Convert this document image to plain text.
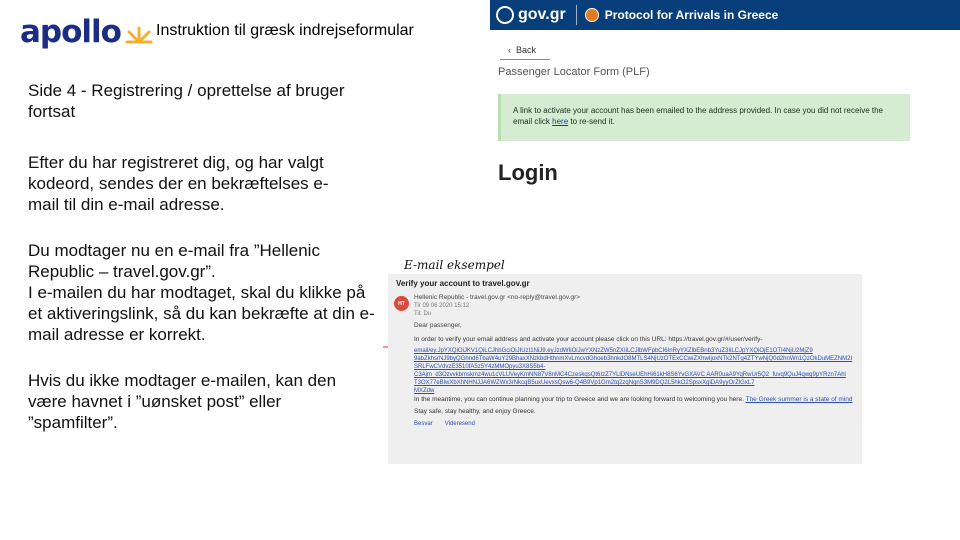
apollo Instruktion til græsk indrejseformular
Side 4 - Registrering / oprettelse af bruger fortsat
Efter du har registreret dig, og har valgt kodeord, sendes der en bekræftelses e-mail til din e-mail adresse.
Du modtager nu en e-mail fra ”Hellenic Republic – travel.gov.gr”.
I e-mailen du har modtaget, skal du klikke på et aktiveringslink, så du kan bekræfte at din e-mail adresse er korrekt.
Hvis du ikke modtager e-mailen, kan den være havnet i ”uønsket post” eller ”spamfilter”.
gov.gr	Protocol for Arrivals in Greece
‹ Back
Passenger Locator Form (PLF)
A link to activate your account has been emailed to the address provided. In case you did not receive the email click here to re-send it.
Login
E-mail eksempel
Verify your account to travel.gov.gr
HT
Hellenic Republic - travel.gov.gr <no-reply@travel.gov.gr>
Tir 09 06 2020 15:12
Til: Du
Dear passenger,
In order to verify your email address and activate your account please click on this URL: https://travel.gov.gr/#/user/verify-
email/ey.JpYXQiOiJKV1QiLCJhbGciOiJIUzI1NiJ9.eyJzdWIiOiJwYXNzZW5nZXIiLCJlbWFpbCI6InRyYXZlbEBnb3YuZ3IiLCJpYXQiOjE1OTI4NjU2MjZ9
9abZkhsrNJ9byQGhnd6TbaW4uY29BhaxXNzkbdHthnmXvLmcvdGhoeb3hnkdO8MTLS4NjUzOTExCCwiZXhwIjoxNTk2NTg4ZTYwNjQ0d2hnWn1QzOkDuMEZNM2I
SRLFwCVdvzE3510fA5z5Y4zMMOpyu3X8S5b4-
C3Ajm_d3Ozvvkbmskmz4wu1cVLUVeyKmNN87V8nMC4CzeskqsQt6IzZ7YLlDNseUEhHi61kH8S6YvGXAVC AAR0uaA9YqRwUr5Q2_fuvq9QuJ4qwg9pYRzn7Ahl
T3OX77eBlwXbXhNHNJJA6WZWx3rNkcqB5uxUevxsQsw6-Q4B9Vp1Gm2tq2zqNgnS3M9DQ2L5hkO2SpsxXgiDA9yyOrZlGxL7
MXZdw
In the meantime, you can continue planning your trip to Greece and we are looking forward to welcoming you here. The Greek summer is a state of mind
Stay safe, stay healthy, and enjoy Greece.
Besvar Videresend
